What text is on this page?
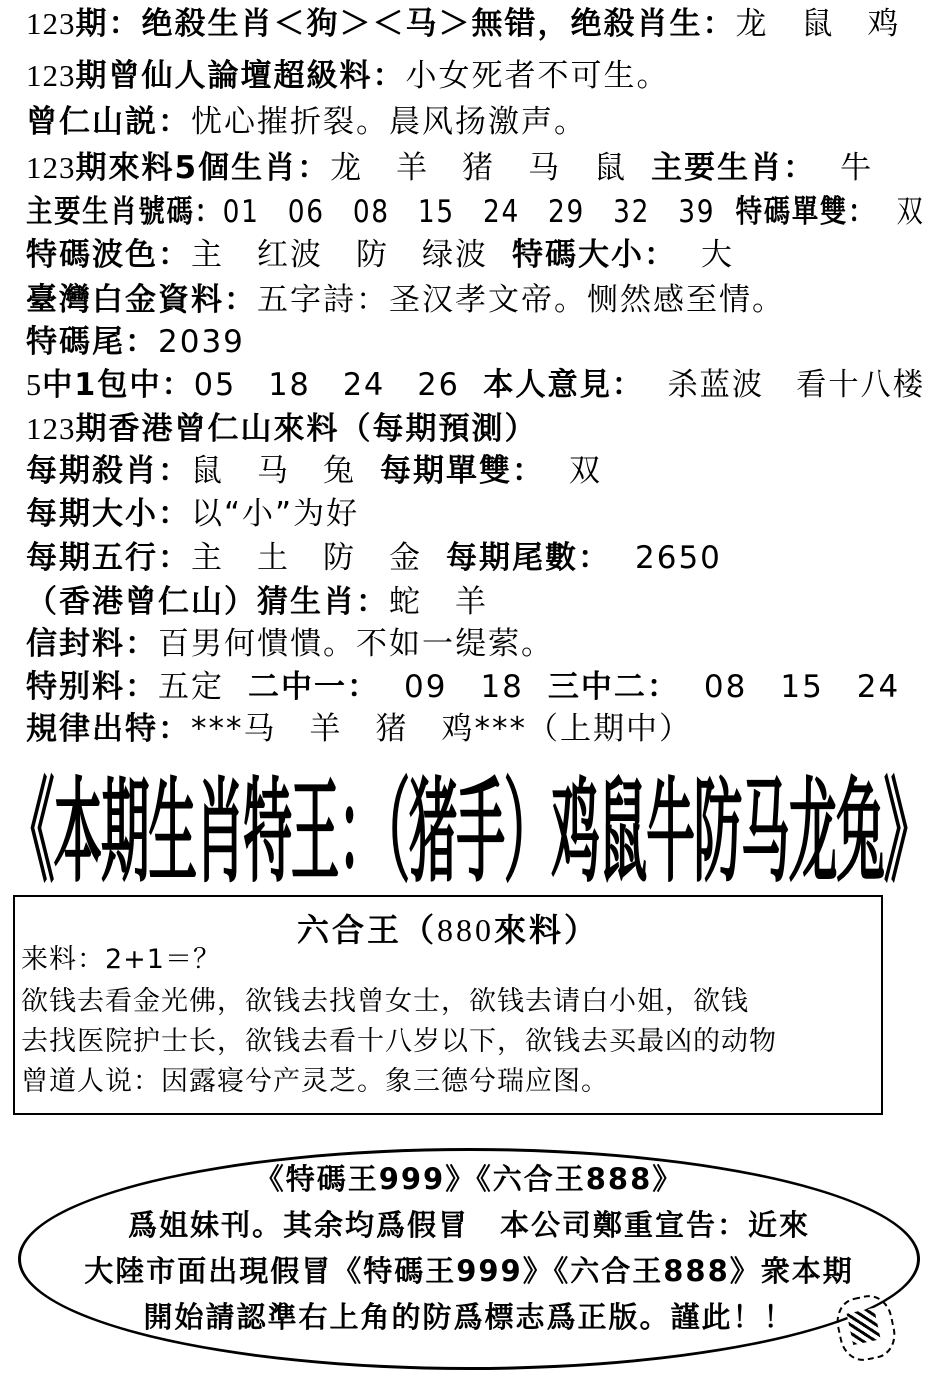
123期：绝殺生肖＜狗＞＜马＞無错，绝殺肖生：龙　鼠　鸡
123期曾仙人論壇超級料：小女死者不可生。
曾仁山説：忧心摧折裂。晨风扬激声。
123期來料5個生肖：龙　羊　猪　马　鼠 主要生肖： 牛
主要生肖號碼：01　06　08　15　24　29　32　39 特碼單雙： 双
特碼波色：主　红波　防　绿波 特碼大小： 大
臺灣白金資料：五字詩：圣汉孝文帝。恻然感至情。
特碼尾：2039
5中1包中：05　18　24　26 本人意見： 杀蓝波　看十八楼
123期香港曾仁山來料（每期預測）
每期殺肖：鼠　马　兔 每期單雙： 双
每期大小：以“小”为好
每期五行：主　土　防　金 每期尾數： 2650
（香港曾仁山）猜生肖：蛇　羊
信封料：百男何憒憒。不如一缇萦。
特别料：五定 二中一： 09　18 三中二： 08　15　24
規律出特：***马　羊　猪　鸡***（上期中）
《本期生肖特王：（猪手）鸡鼠牛防马龙兔》
六合王（880來料）
来料：2+1＝？
欲钱去看金光佛，欲钱去找曾女士，欲钱去请白小姐，欲钱
去找医院护士长，欲钱去看十八岁以下，欲钱去买最凶的动物
曾道人说：因露寝兮产灵芝。象三德兮瑞应图。
《特碼王999》《六合王888》
爲姐妹刊。其余均爲假冒　本公司鄭重宣告：近來
大陸市面出現假冒《特碼王999》《六合王888》衆本期
開始請認準右上角的防爲標志爲正版。謹此！！
